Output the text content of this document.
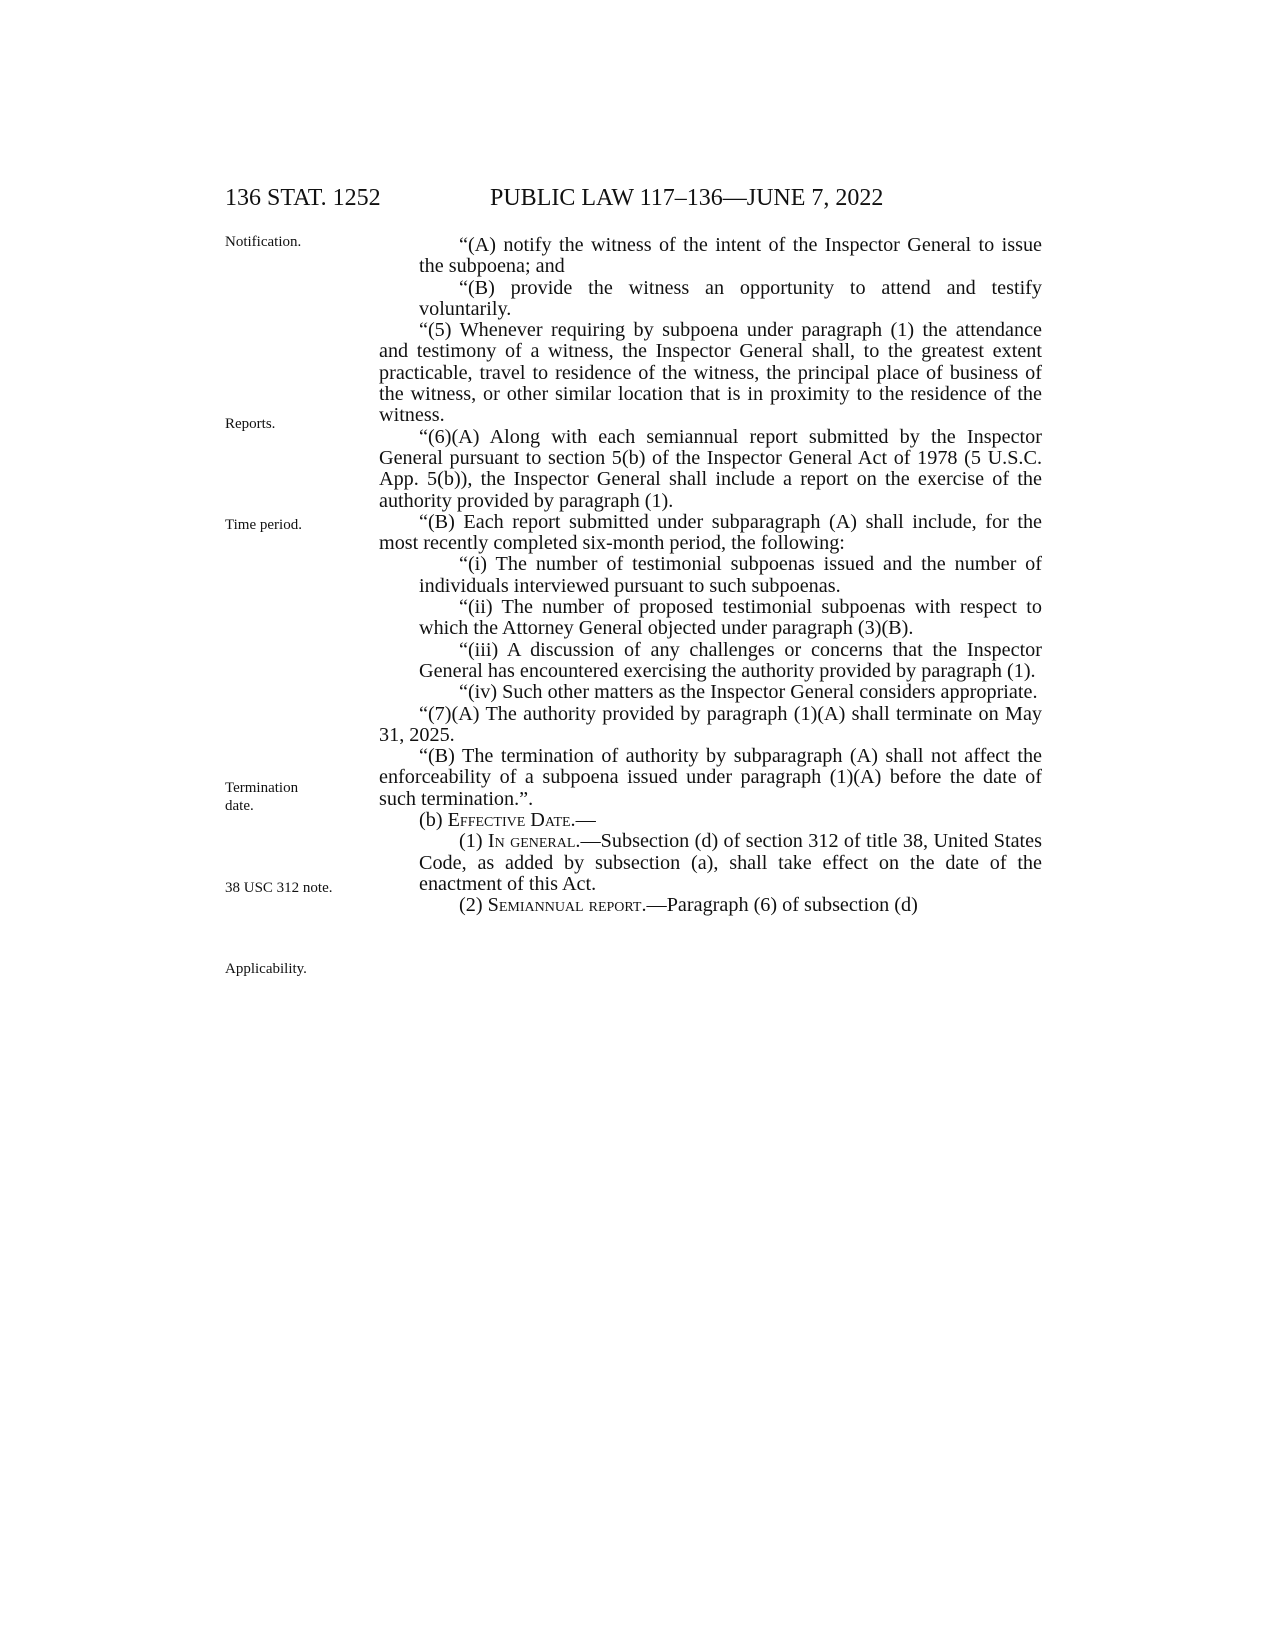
136 STAT. 1252	PUBLIC LAW 117–136—JUNE 7, 2022
Notification.
Reports.
Time period.
Termination
date.
38 USC 312 note.
Applicability.

“(A) notify the witness of the intent of the Inspector General to issue the subpoena; and

“(B) provide the witness an opportunity to attend and testify voluntarily.

“(5) Whenever requiring by subpoena under paragraph (1) the attendance and testimony of a witness, the Inspector General shall, to the greatest extent practicable, travel to residence of the witness, the principal place of business of the witness, or other similar location that is in proximity to the residence of the witness.

“(6)(A) Along with each semiannual report submitted by the Inspector General pursuant to section 5(b) of the Inspector General Act of 1978 (5 U.S.C. App. 5(b)), the Inspector General shall include a report on the exercise of the authority provided by paragraph (1).

“(B) Each report submitted under subparagraph (A) shall include, for the most recently completed six-month period, the following:

“(i) The number of testimonial subpoenas issued and the number of individuals interviewed pursuant to such subpoenas.

“(ii) The number of proposed testimonial subpoenas with respect to which the Attorney General objected under paragraph (3)(B).

“(iii) A discussion of any challenges or concerns that the Inspector General has encountered exercising the authority provided by paragraph (1).

“(iv) Such other matters as the Inspector General considers appropriate.

“(7)(A) The authority provided by paragraph (1)(A) shall terminate on May 31, 2025.

“(B) The termination of authority by subparagraph (A) shall not affect the enforceability of a subpoena issued under paragraph (1)(A) before the date of such termination.”.

(b) Effective Date.—

(1) In general.—Subsection (d) of section 312 of title 38, United States Code, as added by subsection (a), shall take effect on the date of the enactment of this Act.

(2) Semiannual report.—Paragraph (6) of subsection (d)
